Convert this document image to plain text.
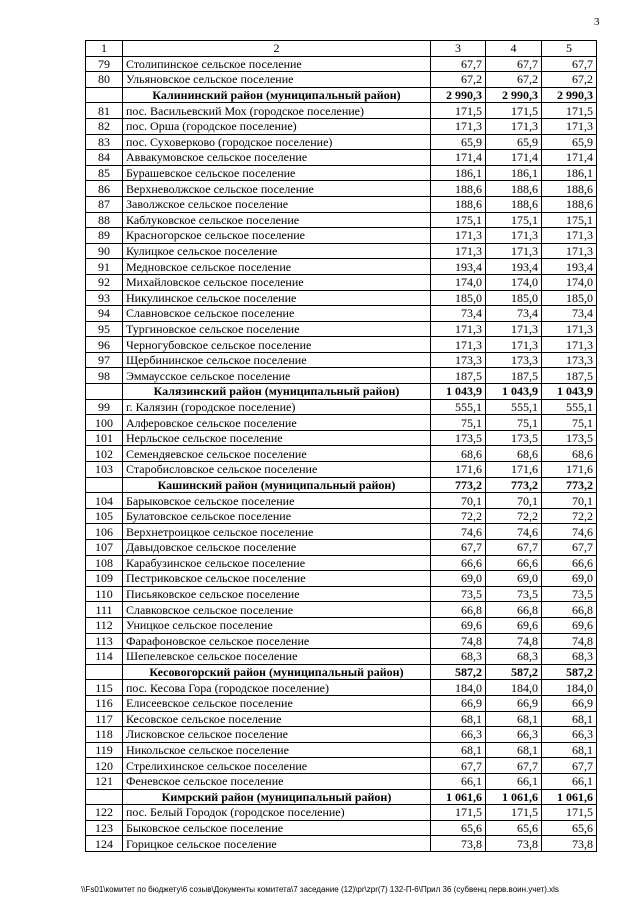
3
1	2	3	4	5
79	Столипинское сельское поселение	67,7	67,7	67,7
80	Ульяновское сельское поселение	67,2	67,2	67,2
	Калининский район (муниципальный район)	2 990,3	2 990,3	2 990,3
81	пос. Васильевский Мох (городское поселение)	171,5	171,5	171,5
82	пос. Орша (городское поселение)	171,3	171,3	171,3
83	пос. Суховерково (городское поселение)	65,9	65,9	65,9
84	Аввакумовское сельское поселение	171,4	171,4	171,4
85	Бурашевское сельское поселение	186,1	186,1	186,1
86	Верхневолжское сельское поселение	188,6	188,6	188,6
87	Заволжское сельское поселение	188,6	188,6	188,6
88	Каблуковское сельское поселение	175,1	175,1	175,1
89	Красногорское сельское поселение	171,3	171,3	171,3
90	Кулицкое сельское поселение	171,3	171,3	171,3
91	Медновское сельское поселение	193,4	193,4	193,4
92	Михайловское сельское поселение	174,0	174,0	174,0
93	Никулинское сельское поселение	185,0	185,0	185,0
94	Славновское сельское поселение	73,4	73,4	73,4
95	Тургиновское сельское поселение	171,3	171,3	171,3
96	Черногубовское сельское поселение	171,3	171,3	171,3
97	Щербининское сельское поселение	173,3	173,3	173,3
98	Эммаусское сельское поселение	187,5	187,5	187,5
	Калязинский район (муниципальный район)	1 043,9	1 043,9	1 043,9
99	г. Калязин (городское поселение)	555,1	555,1	555,1
100	Алферовское сельское поселение	75,1	75,1	75,1
101	Нерльское сельское поселение	173,5	173,5	173,5
102	Семендяевское сельское поселение	68,6	68,6	68,6
103	Старобисловское сельское поселение	171,6	171,6	171,6
	Кашинский район (муниципальный район)	773,2	773,2	773,2
104	Барыковское сельское поселение	70,1	70,1	70,1
105	Булатовское сельское поселение	72,2	72,2	72,2
106	Верхнетроицкое сельское поселение	74,6	74,6	74,6
107	Давыдовское сельское поселение	67,7	67,7	67,7
108	Карабузинское сельское поселение	66,6	66,6	66,6
109	Пестриковское сельское поселение	69,0	69,0	69,0
110	Письяковское сельское поселение	73,5	73,5	73,5
111	Славковское сельское поселение	66,8	66,8	66,8
112	Уницкое сельское поселение	69,6	69,6	69,6
113	Фарафоновское сельское поселение	74,8	74,8	74,8
114	Шепелевское сельское поселение	68,3	68,3	68,3
	Кесовогорский район (муниципальный район)	587,2	587,2	587,2
115	пос. Кесова Гора (городское поселение)	184,0	184,0	184,0
116	Елисеевское сельское поселение	66,9	66,9	66,9
117	Кесовское сельское поселение	68,1	68,1	68,1
118	Лисковское сельское поселение	66,3	66,3	66,3
119	Никольское сельское поселение	68,1	68,1	68,1
120	Стрелихинское сельское поселение	67,7	67,7	67,7
121	Феневское сельское поселение	66,1	66,1	66,1
	Кимрский район (муниципальный район)	1 061,6	1 061,6	1 061,6
122	пос. Белый Городок (городское поселение)	171,5	171,5	171,5
123	Быковское сельское поселение	65,6	65,6	65,6
124	Горицкое сельское поселение	73,8	73,8	73,8
\\Fs01\комитет по бюджету\6 созыв\Документы комитета\7 заседание (12)\pr\zpr(7) 132-П-6\Прил 36 (субвенц перв.воин.учет).xls
